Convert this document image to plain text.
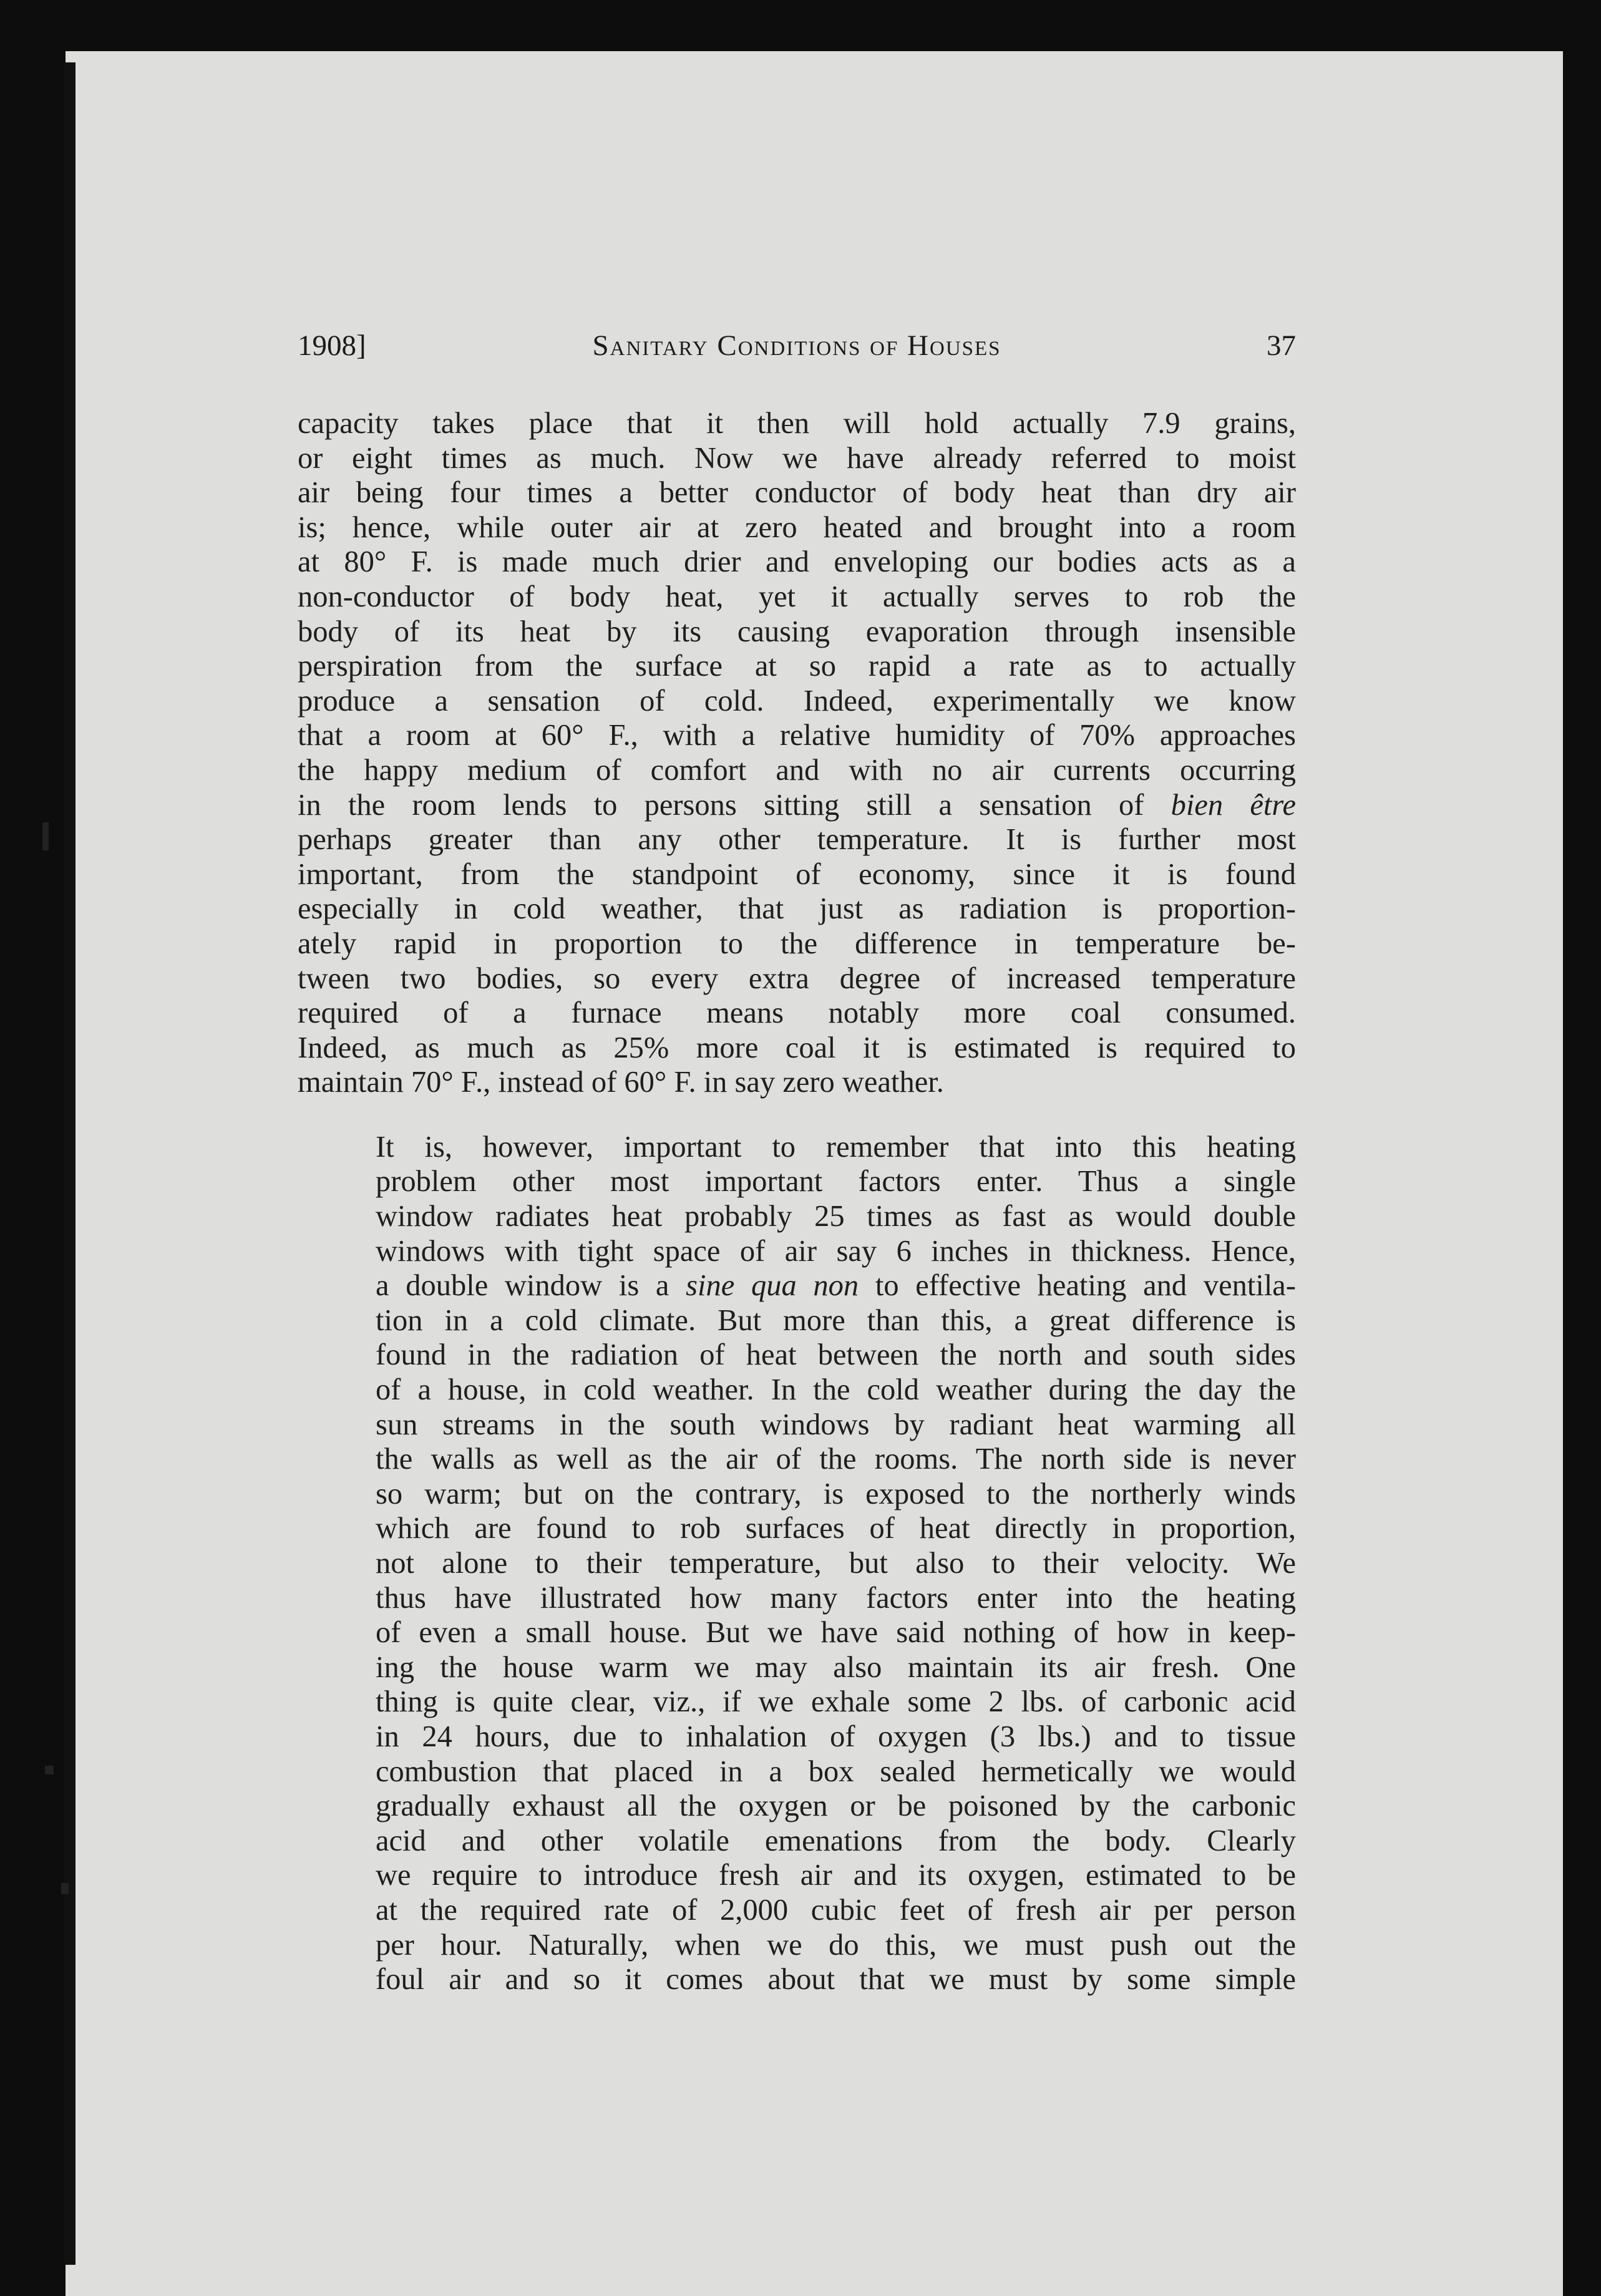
1908]	Sanitary Conditions of Houses	37

capacity takes place that it then will hold actually 7.9 grains,
or eight times as much. Now we have already referred to moist
air being four times a better conductor of body heat than dry air
is; hence, while outer air at zero heated and brought into a room
at 80° F. is made much drier and enveloping our bodies acts as a
non-conductor of body heat, yet it actually serves to rob the
body of its heat by its causing evaporation through insensible
perspiration from the surface at so rapid a rate as to actually
produce a sensation of cold. Indeed, experimentally we know
that a room at 60° F., with a relative humidity of 70% approaches
the happy medium of comfort and with no air currents occurring
in the room lends to persons sitting still a sensation of bien être
perhaps greater than any other temperature. It is further most
important, from the standpoint of economy, since it is found
especially in cold weather, that just as radiation is proportion-
ately rapid in proportion to the difference in temperature be-
tween two bodies, so every extra degree of increased temperature
required of a furnace means notably more coal consumed.
Indeed, as much as 25% more coal it is estimated is required to
maintain 70° F., instead of 60° F. in say zero weather.

It is, however, important to remember that into this heating
problem other most important factors enter. Thus a single
window radiates heat probably 25 times as fast as would double
windows with tight space of air say 6 inches in thickness. Hence,
a double window is a sine qua non to effective heating and ventila-
tion in a cold climate. But more than this, a great difference is
found in the radiation of heat between the north and south sides
of a house, in cold weather. In the cold weather during the day the
sun streams in the south windows by radiant heat warming all
the walls as well as the air of the rooms. The north side is never
so warm; but on the contrary, is exposed to the northerly winds
which are found to rob surfaces of heat directly in proportion,
not alone to their temperature, but also to their velocity. We
thus have illustrated how many factors enter into the heating
of even a small house. But we have said nothing of how in keep-
ing the house warm we may also maintain its air fresh. One
thing is quite clear, viz., if we exhale some 2 lbs. of carbonic acid
in 24 hours, due to inhalation of oxygen (3 lbs.) and to tissue
combustion that placed in a box sealed hermetically we would
gradually exhaust all the oxygen or be poisoned by the carbonic
acid and other volatile emenations from the body. Clearly
we require to introduce fresh air and its oxygen, estimated to be
at the required rate of 2,000 cubic feet of fresh air per person
per hour. Naturally, when we do this, we must push out the
foul air and so it comes about that we must by some simple
